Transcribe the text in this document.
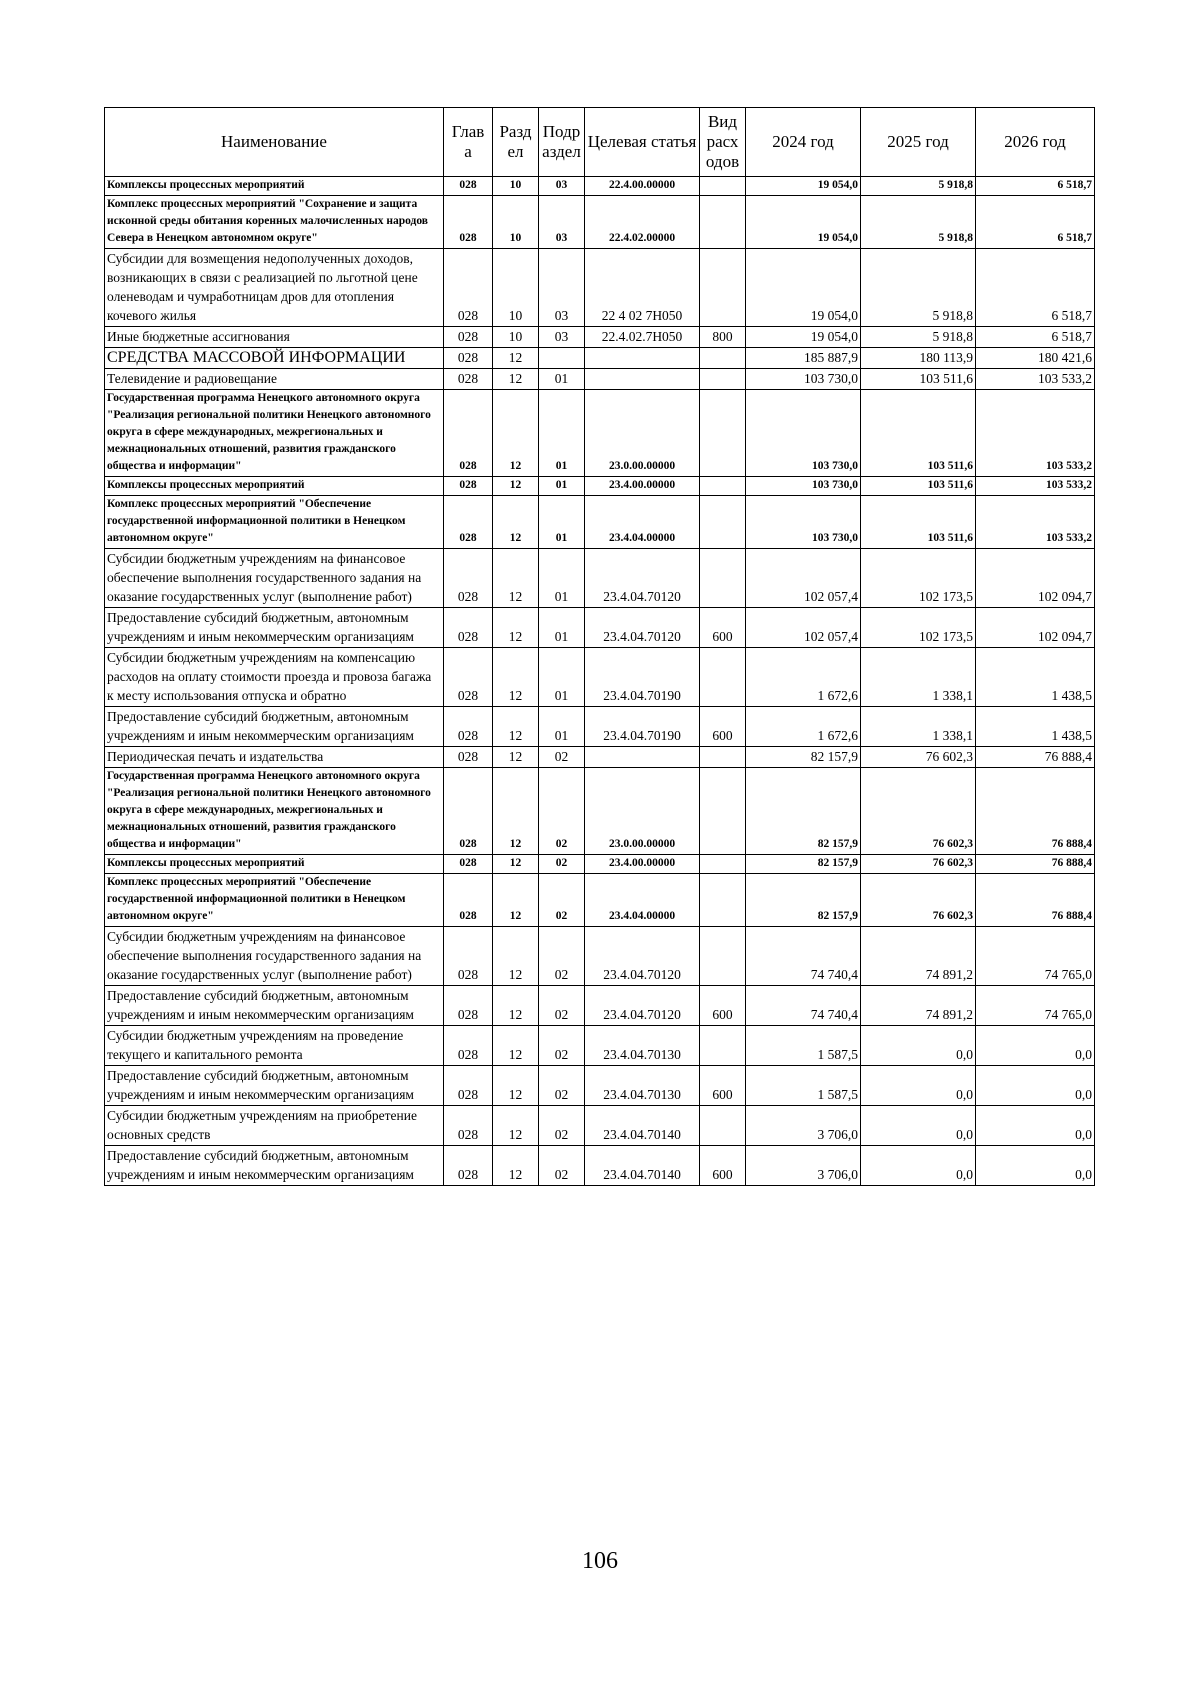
Наименование	Глав а	Разд ел	Подр аздел	Целевая статья	Вид расх одов	2024 год	2025 год	2026 год
Комплексы процессных мероприятий	028	10	03	22.4.00.00000		19 054,0	5 918,8	6 518,7
Комплекс процессных мероприятий "Сохранение и защита исконной среды обитания коренных малочисленных народов Севера в Ненецком автономном округе"	028	10	03	22.4.02.00000		19 054,0	5 918,8	6 518,7
Субсидии для возмещения недополученных доходов, возникающих в связи с реализацией по льготной цене оленеводам и чумработницам дров для отопления кочевого жилья	028	10	03	22 4 02 7Н050		19 054,0	5 918,8	6 518,7
Иные бюджетные ассигнования	028	10	03	22.4.02.7Н050	800	19 054,0	5 918,8	6 518,7
СРЕДСТВА МАССОВОЙ ИНФОРМАЦИИ	028	12				185 887,9	180 113,9	180 421,6
Телевидение и радиовещание	028	12	01			103 730,0	103 511,6	103 533,2
Государственная программа Ненецкого автономного округа "Реализация региональной политики Ненецкого автономного округа в сфере международных, межрегиональных и межнациональных отношений, развития гражданского общества и информации"	028	12	01	23.0.00.00000		103 730,0	103 511,6	103 533,2
Комплексы процессных мероприятий	028	12	01	23.4.00.00000		103 730,0	103 511,6	103 533,2
Комплекс процессных мероприятий "Обеспечение государственной информационной политики в Ненецком автономном округе"	028	12	01	23.4.04.00000		103 730,0	103 511,6	103 533,2
Субсидии бюджетным учреждениям на финансовое обеспечение выполнения государственного задания на оказание государственных услуг (выполнение работ)	028	12	01	23.4.04.70120		102 057,4	102 173,5	102 094,7
Предоставление субсидий бюджетным, автономным учреждениям и иным некоммерческим организациям	028	12	01	23.4.04.70120	600	102 057,4	102 173,5	102 094,7
Субсидии бюджетным учреждениям на компенсацию расходов на оплату стоимости проезда и провоза багажа к месту использования отпуска и обратно	028	12	01	23.4.04.70190		1 672,6	1 338,1	1 438,5
Предоставление субсидий бюджетным, автономным учреждениям и иным некоммерческим организациям	028	12	01	23.4.04.70190	600	1 672,6	1 338,1	1 438,5
Периодическая печать и издательства	028	12	02			82 157,9	76 602,3	76 888,4
Государственная программа Ненецкого автономного округа "Реализация региональной политики Ненецкого автономного округа в сфере международных, межрегиональных и межнациональных отношений, развития гражданского общества и информации"	028	12	02	23.0.00.00000		82 157,9	76 602,3	76 888,4
Комплексы процессных мероприятий	028	12	02	23.4.00.00000		82 157,9	76 602,3	76 888,4
Комплекс процессных мероприятий "Обеспечение государственной информационной политики в Ненецком автономном округе"	028	12	02	23.4.04.00000		82 157,9	76 602,3	76 888,4
Субсидии бюджетным учреждениям на финансовое обеспечение выполнения государственного задания на оказание государственных услуг (выполнение работ)	028	12	02	23.4.04.70120		74 740,4	74 891,2	74 765,0
Предоставление субсидий бюджетным, автономным учреждениям и иным некоммерческим организациям	028	12	02	23.4.04.70120	600	74 740,4	74 891,2	74 765,0
Субсидии бюджетным учреждениям на проведение текущего и капитального ремонта	028	12	02	23.4.04.70130		1 587,5	0,0	0,0
Предоставление субсидий бюджетным, автономным учреждениям и иным некоммерческим организациям	028	12	02	23.4.04.70130	600	1 587,5	0,0	0,0
Субсидии бюджетным учреждениям на приобретение основных средств	028	12	02	23.4.04.70140		3 706,0	0,0	0,0
Предоставление субсидий бюджетным, автономным учреждениям и иным некоммерческим организациям	028	12	02	23.4.04.70140	600	3 706,0	0,0	0,0
106
